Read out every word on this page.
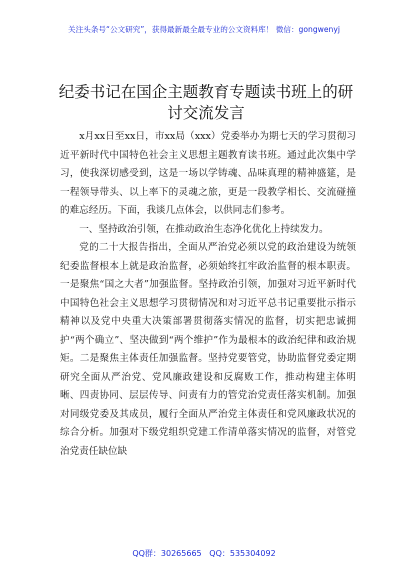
关注头条号“公文研究”，获得最新最全最专业的公文资料库！ 微信：gongwenyj
纪委书记在国企主题教育专题读书班上的研讨交流发言

x月xx日至xx日，市xx局（xxx）党委举办为期七天的学习贯彻习近平新时代中国特色社会主义思想主题教育读书班。通过此次集中学习，使我深切感受到，这是一场以学铸魂、品味真理的精神盛筵，是一程领导带头、以上率下的灵魂之旅，更是一段教学相长、交流碰撞的难忘经历。下面，我谈几点体会，以供同志们参考。

一、坚持政治引领，在推动政治生态净化优化上持续发力。

党的二十大报告指出，全面从严治党必须以党的政治建设为统领纪委监督根本上就是政治监督，必须始终扛牢政治监督的根本职责。一是聚焦“国之大者”加强监督。坚持政治引领，加强对习近平新时代中国特色社会主义思想学习贯彻情况和对习近平总书记重要批示指示精神以及党中央重大决策部署贯彻落实情况的监督，切实把忠诚拥护“两个确立”、坚决做到“两个维护”作为最根本的政治纪律和政治规矩。二是聚焦主体责任加强监督。坚持党要管党，协助监督党委定期研究全面从严治党、党风廉政建设和反腐败工作，推动构建主体明晰、四责协同、层层传导、问责有力的管党治党责任落实机制。加强对同级党委及其成员，履行全面从严治党主体责任和党风廉政状况的综合分析。加强对下级党组织党建工作清单落实情况的监督，对管党治党责任缺位缺

QQ群：30265665 QQ：535304092
